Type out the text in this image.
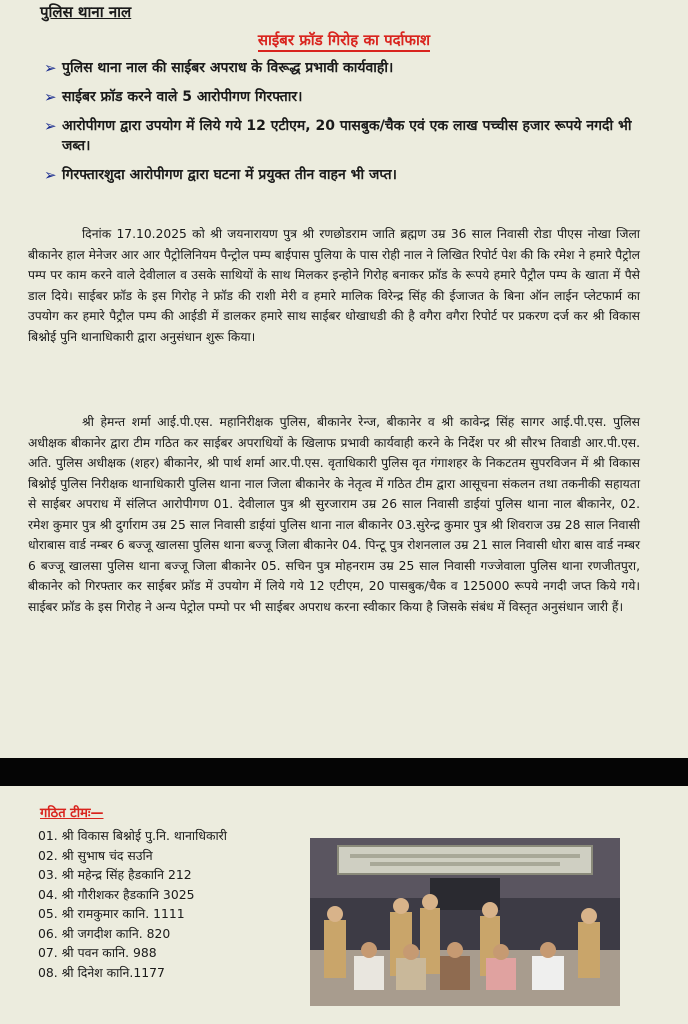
पुलिस थाना नाल
साईबर फ्रॉड गिरोह का पर्दाफाश
➢ पुलिस थाना नाल की साईबर अपराध के विरूद्ध प्रभावी कार्यवाही।
➢ साईबर फ्रॉड करने वाले 5 आरोपीगण गिरफ्तार।
➢ आरोपीगण द्वारा उपयोग में लिये गये 12 एटीएम, 20 पासबुक/चैक एवं एक लाख पच्चीस हजार रूपये नगदी भी जब्त।
➢ गिरफ्तारशुदा आरोपीगण द्वारा घटना में प्रयुक्त तीन वाहन भी जप्त।

दिनांक 17.10.2025 को श्री जयनारायण पुत्र श्री रणछोडराम जाति ब्रह्मण उम्र 36 साल निवासी रोडा पीएस नोखा जिला बीकानेर हाल मेनेजर आर आर पैट्रोलिनियम पैन्ट्रोल पम्प बाईपास पुलिया के पास रोही नाल ने लिखित रिपोर्ट पेश की कि रमेश ने हमारे पैट्रोल पम्प पर काम करने वाले देवीलाल व उसके साथियों के साथ मिलकर इन्होने गिरोह बनाकर फ्रॉड के रूपये हमारे पैट्रौल पम्प के खाता में पैसे डाल दिये। साईबर फ्रॉड के इस गिरोह ने फ्रॉड की राशी मेरी व हमारे मालिक विरेन्द्र सिंह की ईजाजत के बिना ऑन लाईन प्लेटफार्म का उपयोग कर हमारे पैट्रौल पम्प की आईडी में डालकर हमारे साथ साईबर धोखाधडी की है वगैरा वगैरा रिपोर्ट पर प्रकरण दर्ज कर श्री विकास बिश्नोई पुनि थानाधिकारी द्वारा अनुसंधान शुरू किया।

श्री हेमन्त शर्मा आई.पी.एस. महानिरीक्षक पुलिस, बीकानेर रेन्ज, बीकानेर व श्री कावेन्द्र सिंह सागर आई.पी.एस. पुलिस अधीक्षक बीकानेर द्वारा टीम गठित कर साईबर अपराधियों के खिलाफ प्रभावी कार्यवाही करने के निर्देश पर श्री सौरभ तिवाडी आर.पी.एस. अति. पुलिस अधीक्षक (शहर) बीकानेर, श्री पार्थ शर्मा आर.पी.एस. वृताधिकारी पुलिस वृत गंगाशहर के निकटतम सुपरविजन में श्री विकास बिश्नोई पुलिस निरीक्षक थानाधिकारी पुलिस थाना नाल जिला बीकानेर के नेतृत्व में गठित टीम द्वारा आसूचना संकलन तथा तकनीकी सहायता से साईबर अपराध में संलिप्त आरोपीगण 01. देवीलाल पुत्र श्री सुरजाराम उम्र 26 साल निवासी डाईयां पुलिस थाना नाल बीकानेर, 02. रमेश कुमार पुत्र श्री दुर्गाराम उम्र 25 साल निवासी डाईयां पुलिस थाना नाल बीकानेर 03.सुरेन्द्र कुमार पुत्र श्री शिवराज उम्र 28 साल निवासी धोराबास वार्ड नम्बर 6 बज्जू खालसा पुलिस थाना बज्जू जिला बीकानेर 04. पिन्टू पुत्र रोशनलाल उम्र 21 साल निवासी धोरा बास वार्ड नम्बर 6 बज्जू खालसा पुलिस थाना बज्जू जिला बीकानेर 05. सचिन पुत्र मोहनराम उम्र 25 साल निवासी गज्जेवाला पुलिस थाना रणजीतपुरा, बीकानेर को गिरफ्तार कर साईबर फ्रॉड में उपयोग में लिये गये 12 एटीएम, 20 पासबुक/चैक व 125000 रूपये नगदी जप्त किये गये। साईबर फ्रॉड के इस गिरोह ने अन्य पेट्रोल पम्पो पर भी साईबर अपराध करना स्वीकार किया है जिसके संबंध में विस्तृत अनुसंधान जारी हैं।

गठित टीमः—
01. श्री विकास बिश्नोई पु.नि. थानाधिकारी
02. श्री सुभाष चंद सउनि
03. श्री महेन्द्र सिंह हैडकानि 212
04. श्री गौरीशकर हैडकानि 3025
05. श्री रामकुमार कानि. 1111
06. श्री जगदीश कानि. 820
07. श्री पवन कानि. 988
08. श्री दिनेश कानि.1177
